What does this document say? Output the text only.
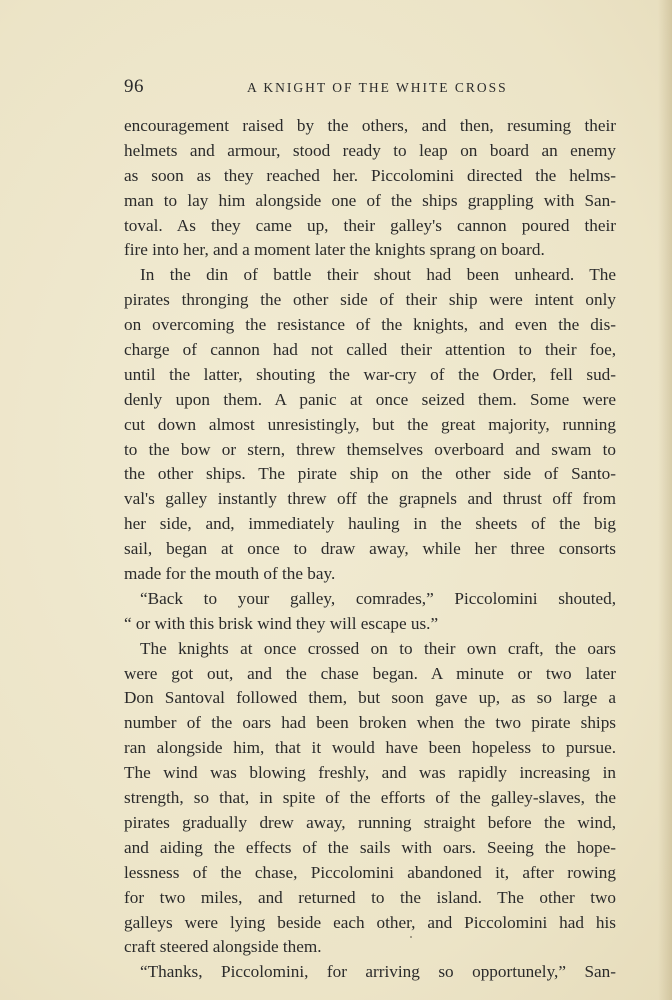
96	A KNIGHT OF THE WHITE CROSS
encouragement raised by the others, and then, resuming their
helmets and armour, stood ready to leap on board an enemy
as soon as they reached her. Piccolomini directed the helms-
man to lay him alongside one of the ships grappling with San-
toval. As they came up, their galley's cannon poured their
fire into her, and a moment later the knights sprang on board.
In the din of battle their shout had been unheard. The
pirates thronging the other side of their ship were intent only
on overcoming the resistance of the knights, and even the dis-
charge of cannon had not called their attention to their foe,
until the latter, shouting the war-cry of the Order, fell sud-
denly upon them. A panic at once seized them. Some were
cut down almost unresistingly, but the great majority, running
to the bow or stern, threw themselves overboard and swam to
the other ships. The pirate ship on the other side of Santo-
val's galley instantly threw off the grapnels and thrust off from
her side, and, immediately hauling in the sheets of the big
sail, began at once to draw away, while her three consorts
made for the mouth of the bay.
“Back to your galley, comrades,” Piccolomini shouted,
“ or with this brisk wind they will escape us.”
The knights at once crossed on to their own craft, the oars
were got out, and the chase began. A minute or two later
Don Santoval followed them, but soon gave up, as so large a
number of the oars had been broken when the two pirate ships
ran alongside him, that it would have been hopeless to pursue.
The wind was blowing freshly, and was rapidly increasing in
strength, so that, in spite of the efforts of the galley-slaves, the
pirates gradually drew away, running straight before the wind,
and aiding the effects of the sails with oars. Seeing the hope-
lessness of the chase, Piccolomini abandoned it, after rowing
for two miles, and returned to the island. The other two
galleys were lying beside each other, and Piccolomini had his
craft steered alongside them.
“Thanks, Piccolomini, for arriving so opportunely,” San-
